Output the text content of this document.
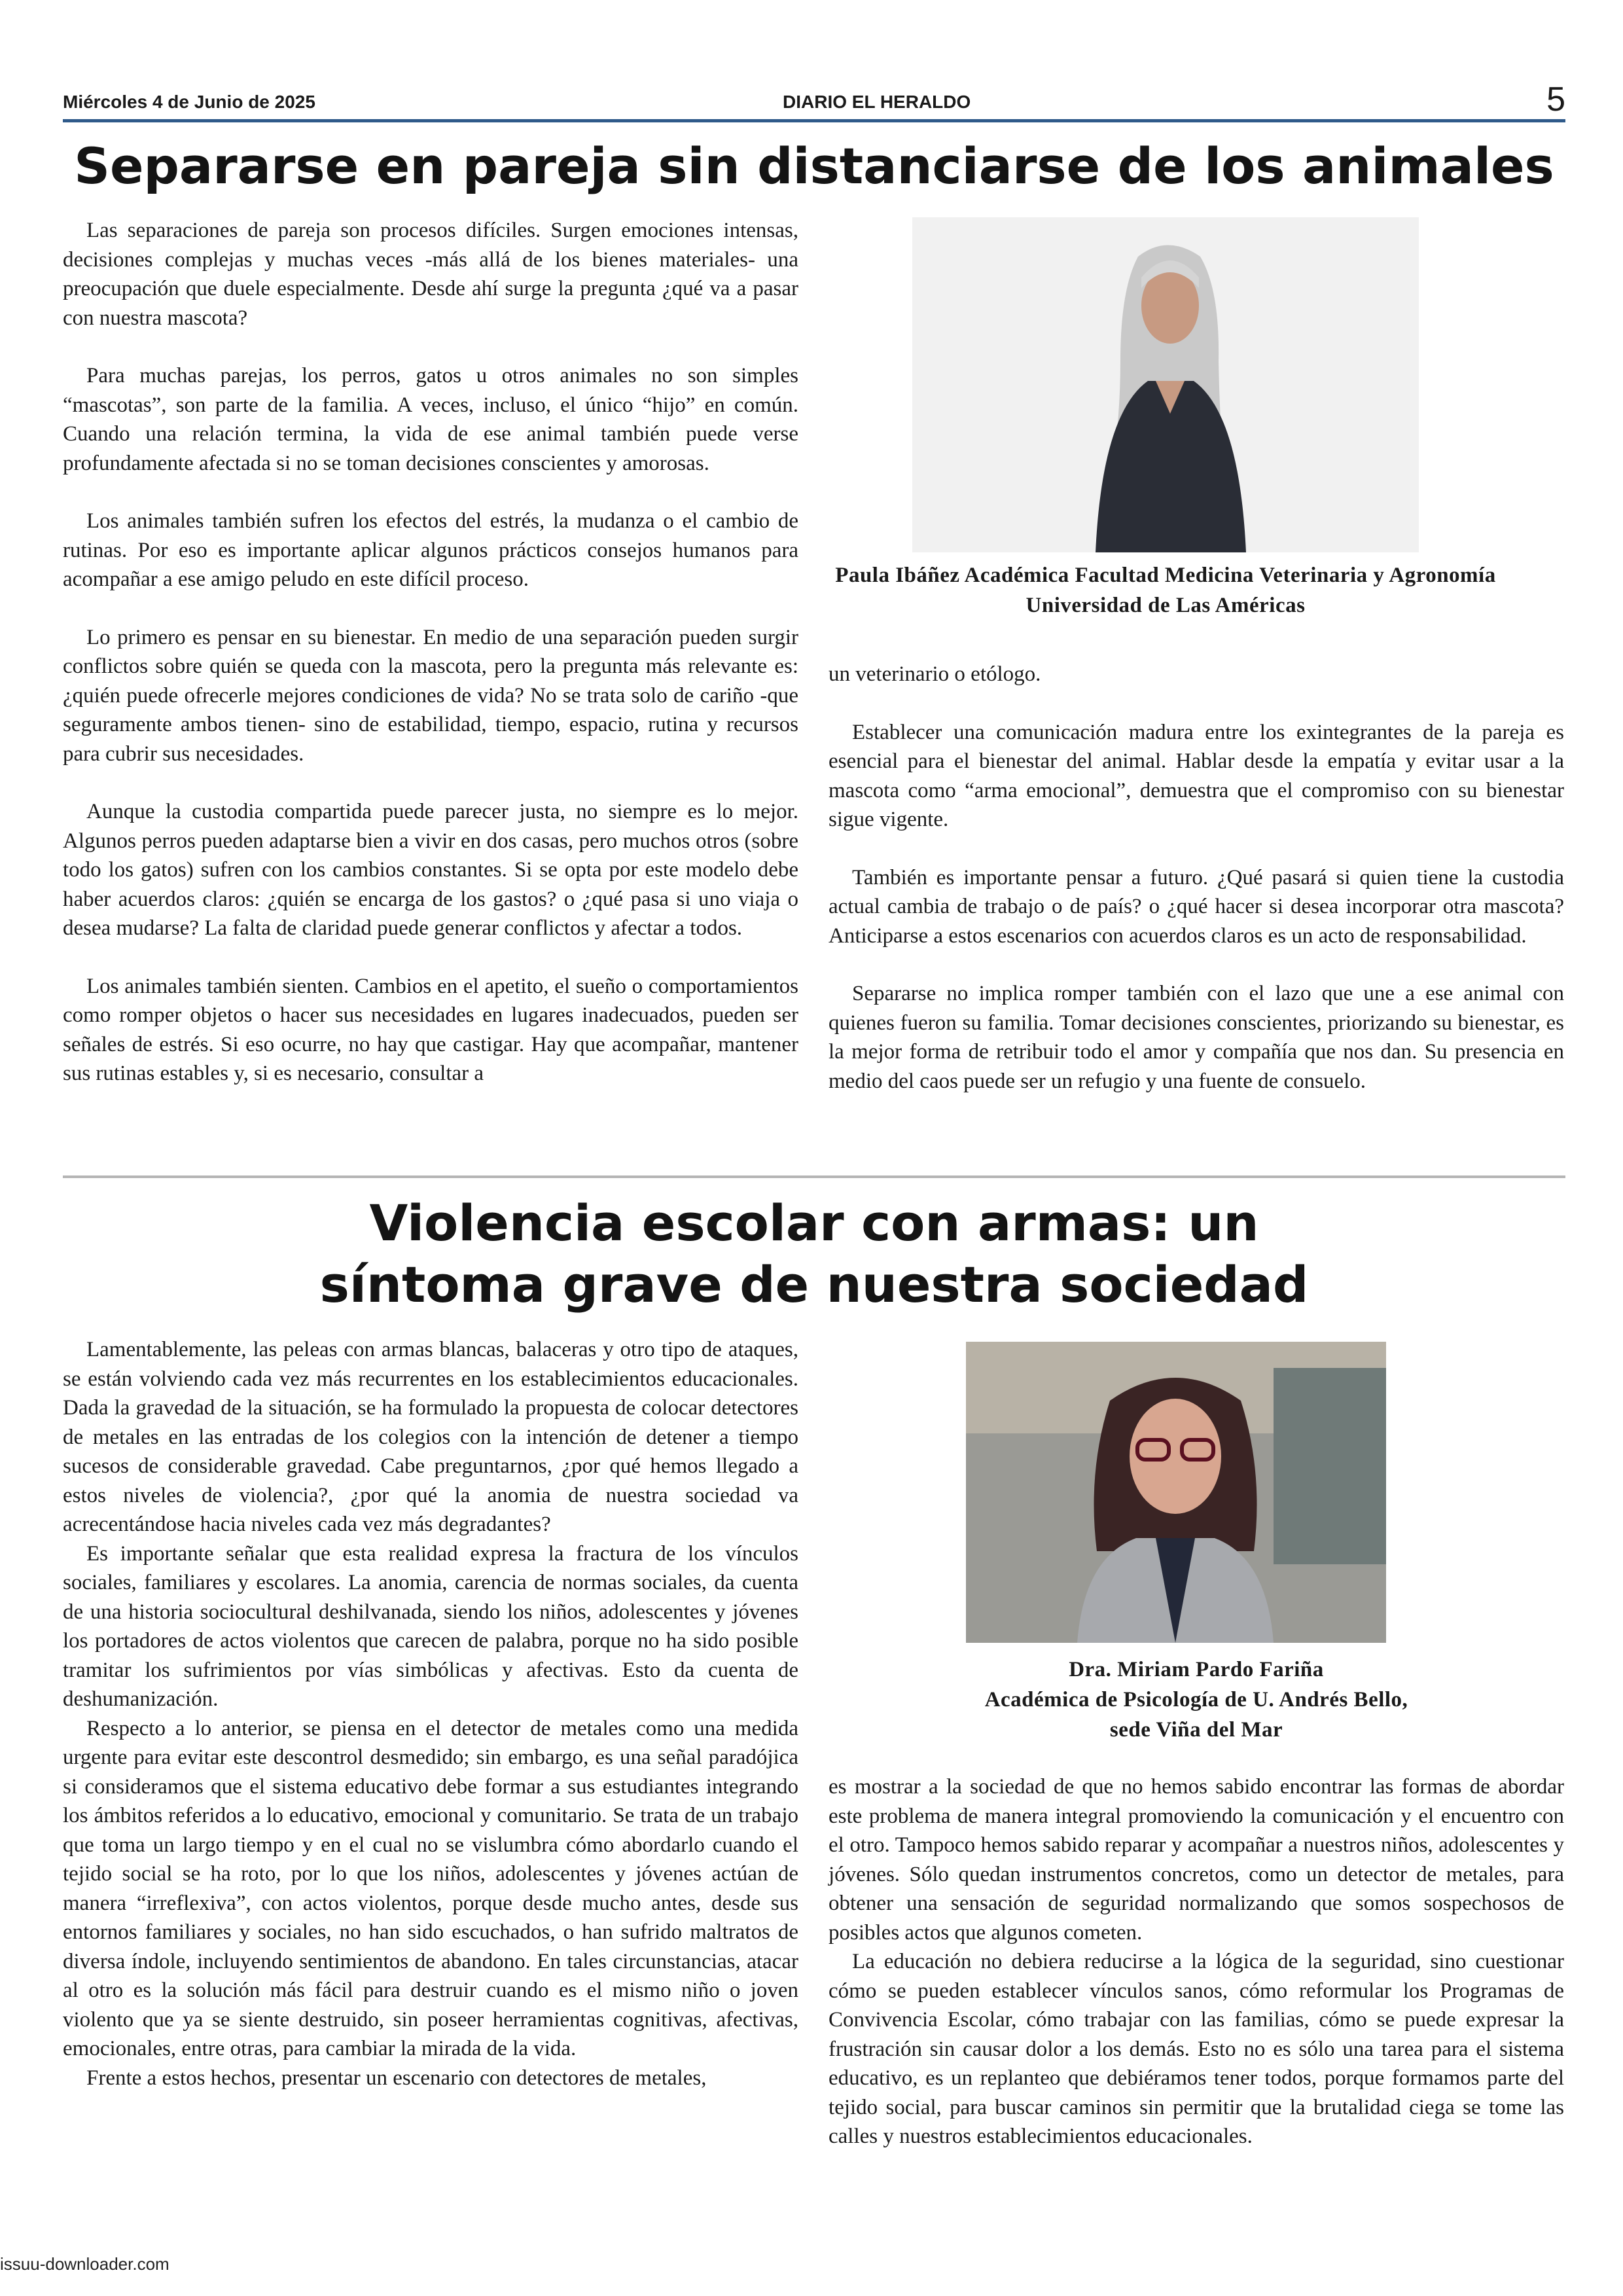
Miércoles 4 de Junio de 2025	DIARIO EL HERALDO	5
Separarse en pareja sin distanciarse de los animales

Las separaciones de pareja son procesos difíciles. Surgen emociones intensas, decisiones complejas y muchas veces -más allá de los bienes materiales- una preocupación que duele especialmente. Desde ahí surge la pregunta ¿qué va a pasar con nuestra mascota?

Para muchas parejas, los perros, gatos u otros animales no son simples “mascotas”, son parte de la familia. A veces, incluso, el único “hijo” en común. Cuando una relación termina, la vida de ese animal también puede verse profundamente afectada si no se toman decisiones conscientes y amorosas.

Los animales también sufren los efectos del estrés, la mudanza o el cambio de rutinas. Por eso es importante aplicar algunos prácticos consejos humanos para acompañar a ese amigo peludo en este difícil proceso.

Lo primero es pensar en su bienestar. En medio de una separación pueden surgir conflictos sobre quién se queda con la mascota, pero la pregunta más relevante es: ¿quién puede ofrecerle mejores condiciones de vida? No se trata solo de cariño -que seguramente ambos tienen- sino de estabilidad, tiempo, espacio, rutina y recursos para cubrir sus necesidades.

Aunque la custodia compartida puede parecer justa, no siempre es lo mejor. Algunos perros pueden adaptarse bien a vivir en dos casas, pero muchos otros (sobre todo los gatos) sufren con los cambios constantes. Si se opta por este modelo debe haber acuerdos claros: ¿quién se encarga de los gastos? o ¿qué pasa si uno viaja o desea mudarse? La falta de claridad puede generar conflictos y afectar a todos.

Los animales también sienten. Cambios en el apetito, el sueño o comportamientos como romper objetos o hacer sus necesidades en lugares inadecuados, pueden ser señales de estrés. Si eso ocurre, no hay que castigar. Hay que acompañar, mantener sus rutinas estables y, si es necesario, consultar a

Paula Ibáñez Académica Facultad Medicina Veterinaria y Agronomía Universidad de Las Américas

un veterinario o etólogo.

Establecer una comunicación madura entre los exintegrantes de la pareja es esencial para el bienestar del animal. Hablar desde la empatía y evitar usar a la mascota como “arma emocional”, demuestra que el compromiso con su bienestar sigue vigente.

También es importante pensar a futuro. ¿Qué pasará si quien tiene la custodia actual cambia de trabajo o de país? o ¿qué hacer si desea incorporar otra mascota? Anticiparse a estos escenarios con acuerdos claros es un acto de responsabilidad.

Separarse no implica romper también con el lazo que une a ese animal con quienes fueron su familia. Tomar decisiones conscientes, priorizando su bienestar, es la mejor forma de retribuir todo el amor y compañía que nos dan. Su presencia en medio del caos puede ser un refugio y una fuente de consuelo.

Violencia escolar con armas: un
síntoma grave de nuestra sociedad

Lamentablemente, las peleas con armas blancas, balaceras y otro tipo de ataques, se están volviendo cada vez más recurrentes en los establecimientos educacionales. Dada la gravedad de la situación, se ha formulado la propuesta de colocar detectores de metales en las entradas de los colegios con la intención de detener a tiempo sucesos de considerable gravedad. Cabe preguntarnos, ¿por qué hemos llegado a estos niveles de violencia?, ¿por qué la anomia de nuestra sociedad va acrecentándose hacia niveles cada vez más degradantes?

Es importante señalar que esta realidad expresa la fractura de los vínculos sociales, familiares y escolares. La anomia, carencia de normas sociales, da cuenta de una historia sociocultural deshilvanada, siendo los niños, adolescentes y jóvenes los portadores de actos violentos que carecen de palabra, porque no ha sido posible tramitar los sufrimientos por vías simbólicas y afectivas. Esto da cuenta de deshumanización.

Respecto a lo anterior, se piensa en el detector de metales como una medida urgente para evitar este descontrol desmedido; sin embargo, es una señal paradójica si consideramos que el sistema educativo debe formar a sus estudiantes integrando los ámbitos referidos a lo educativo, emocional y comunitario. Se trata de un trabajo que toma un largo tiempo y en el cual no se vislumbra cómo abordarlo cuando el tejido social se ha roto, por lo que los niños, adolescentes y jóvenes actúan de manera “irreflexiva”, con actos violentos, porque desde mucho antes, desde sus entornos familiares y sociales, no han sido escuchados, o han sufrido maltratos de diversa índole, incluyendo sentimientos de abandono. En tales circunstancias, atacar al otro es la solución más fácil para destruir cuando es el mismo niño o joven violento que ya se siente destruido, sin poseer herramientas cognitivas, afectivas, emocionales, entre otras, para cambiar la mirada de la vida.

Frente a estos hechos, presentar un escenario con detectores de metales,

Dra. Miriam Pardo Fariña
Académica de Psicología de U. Andrés Bello,
sede Viña del Mar

es mostrar a la sociedad de que no hemos sabido encontrar las formas de abordar este problema de manera integral promoviendo la comunicación y el encuentro con el otro. Tampoco hemos sabido reparar y acompañar a nuestros niños, adolescentes y jóvenes. Sólo quedan instrumentos concretos, como un detector de metales, para obtener una sensación de seguridad normalizando que somos sospechosos de posibles actos que algunos cometen.

La educación no debiera reducirse a la lógica de la seguridad, sino cuestionar cómo se pueden establecer vínculos sanos, cómo reformular los Programas de Convivencia Escolar, cómo trabajar con las familias, cómo se puede expresar la frustración sin causar dolor a los demás. Esto no es sólo una tarea para el sistema educativo, es un replanteo que debiéramos tener todos, porque formamos parte del tejido social, para buscar caminos sin permitir que la brutalidad ciega se tome las calles y nuestros establecimientos educacionales.

issuu-downloader.com
